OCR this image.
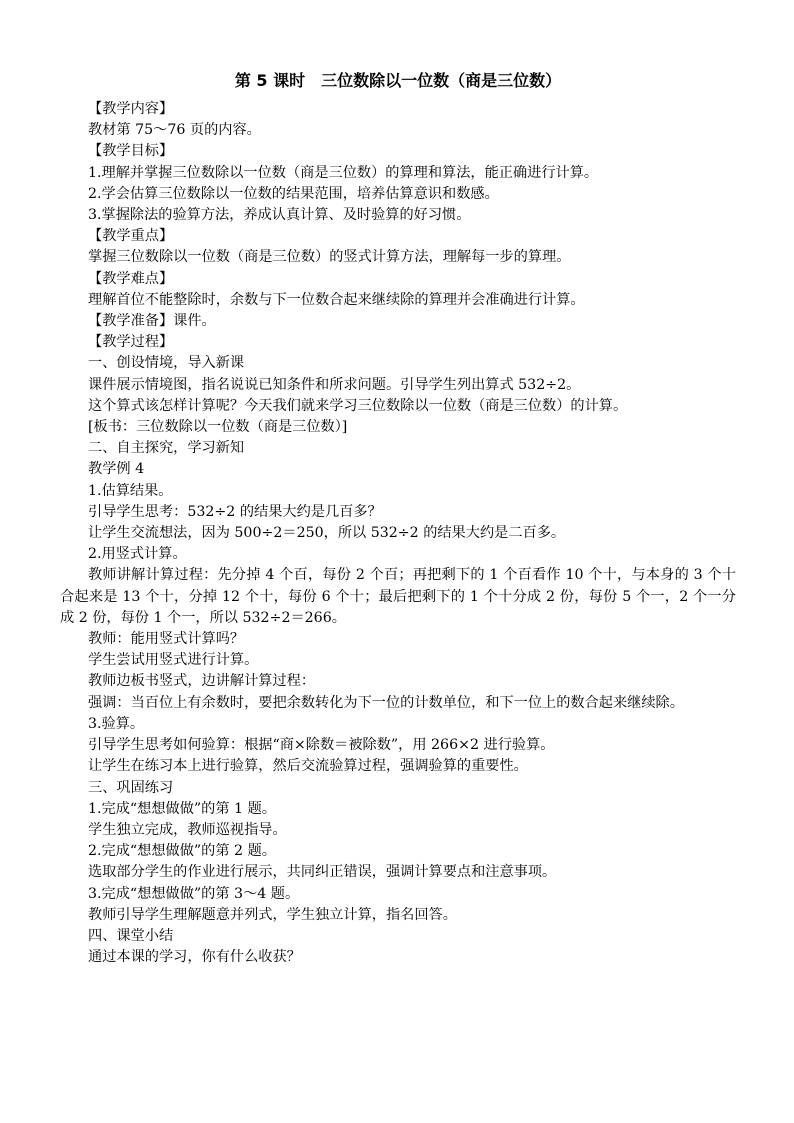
第 5 课时　三位数除以一位数（商是三位数）

【教学内容】

教材第 75～76 页的内容。

【教学目标】

1.理解并掌握三位数除以一位数（商是三位数）的算理和算法，能正确进行计算。

2.学会估算三位数除以一位数的结果范围，培养估算意识和数感。

3.掌握除法的验算方法，养成认真计算、及时验算的好习惯。

【教学重点】

掌握三位数除以一位数（商是三位数）的竖式计算方法，理解每一步的算理。

【教学难点】

理解首位不能整除时，余数与下一位数合起来继续除的算理并会准确进行计算。

【教学准备】课件。

【教学过程】

一、创设情境，导入新课

课件展示情境图，指名说说已知条件和所求问题。引导学生列出算式 532÷2。

这个算式该怎样计算呢？今天我们就来学习三位数除以一位数（商是三位数）的计算。

[板书：三位数除以一位数（商是三位数）]

二、自主探究，学习新知

教学例 4

1.估算结果。

引导学生思考：532÷2 的结果大约是几百多？

让学生交流想法，因为 500÷2＝250，所以 532÷2 的结果大约是二百多。

2.用竖式计算。

教师讲解计算过程：先分掉 4 个百，每份 2 个百；再把剩下的 1 个百看作 10 个十，与本身的 3 个十合起来是 13 个十，分掉 12 个十，每份 6 个十；最后把剩下的 1 个十分成 2 份，每份 5 个一，2 个一分成 2 份，每份 1 个一，所以 532÷2＝266。

教师：能用竖式计算吗？

学生尝试用竖式进行计算。

教师边板书竖式，边讲解计算过程：

强调：当百位上有余数时，要把余数转化为下一位的计数单位，和下一位上的数合起来继续除。

3.验算。

引导学生思考如何验算：根据“商×除数＝被除数”，用 266×2 进行验算。

让学生在练习本上进行验算，然后交流验算过程，强调验算的重要性。

三、巩固练习

1.完成“想想做做”的第 1 题。

学生独立完成，教师巡视指导。

2.完成“想想做做”的第 2 题。

选取部分学生的作业进行展示，共同纠正错误，强调计算要点和注意事项。

3.完成“想想做做”的第 3～4 题。

教师引导学生理解题意并列式，学生独立计算，指名回答。

四、课堂小结

通过本课的学习，你有什么收获？
